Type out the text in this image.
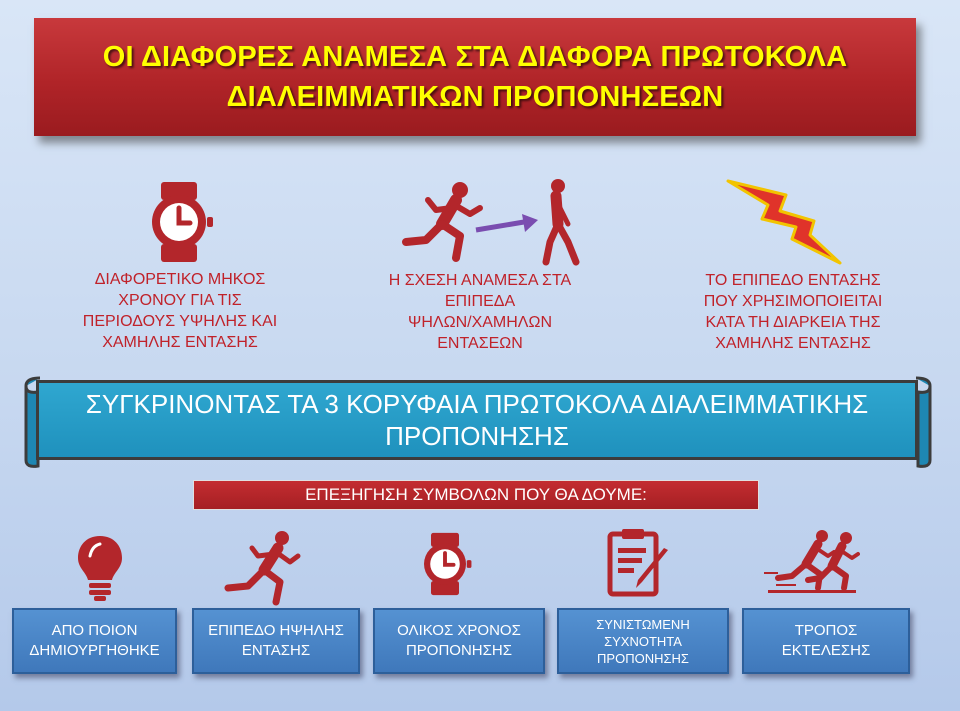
ΟΙ ΔΙΑΦΟΡΕΣ ΑΝΑΜΕΣΑ ΣΤΑ ΔΙΑΦΟΡΑ ΠΡΩΤΟΚΟΛΑ
ΔΙΑΛΕΙΜΜΑΤΙΚΩΝ ΠΡΟΠΟΝΗΣΕΩΝ
ΔΙΑΦΟΡΕΤΙΚΟ ΜΗΚΟΣ
ΧΡΟΝΟΥ ΓΙΑ ΤΙΣ
ΠΕΡΙΟΔΟΥΣ ΥΨΗΛΗΣ ΚΑΙ
ΧΑΜΗΛΗΣ ΕΝΤΑΣΗΣ
Η ΣΧΕΣΗ ΑΝΑΜΕΣΑ ΣΤΑ
ΕΠΙΠΕΔΑ
ΨΗΛΩΝ/ΧΑΜΗΛΩΝ
ΕΝΤΑΣΕΩΝ
ΤΟ ΕΠΙΠΕΔΟ ΕΝΤΑΣΗΣ
ΠΟΥ ΧΡΗΣΙΜΟΠΟΙΕΙΤΑΙ
ΚΑΤΑ ΤΗ ΔΙΑΡΚΕΙΑ ΤΗΣ
ΧΑΜΗΛΗΣ ΕΝΤΑΣΗΣ
ΣΥΓΚΡΙΝΟΝΤΑΣ ΤΑ 3 ΚΟΡΥΦΑΙΑ ΠΡΩΤΟΚΟΛΑ ΔΙΑΛΕΙΜΜΑΤΙΚΗΣ
ΠΡΟΠΟΝΗΣΗΣ
ΕΠΕΞΗΓΗΣΗ ΣΥΜΒΟΛΩΝ ΠΟΥ ΘΑ ΔΟΥΜΕ:
ΑΠΟ ΠΟΙΟΝ
ΔΗΜΙΟΥΡΓΗΘΗΚΕ
ΕΠΙΠΕΔΟ ΗΨΗΛΗΣ
ΕΝΤΑΣΗΣ
ΟΛΙΚΟΣ ΧΡΟΝΟΣ
ΠΡΟΠΟΝΗΣΗΣ
ΣΥΝΙΣΤΩΜΕΝΗ
ΣΥΧΝΟΤΗΤΑ
ΠΡΟΠΟΝΗΣΗΣ
ΤΡΟΠΟΣ
ΕΚΤΕΛΕΣΗΣ
